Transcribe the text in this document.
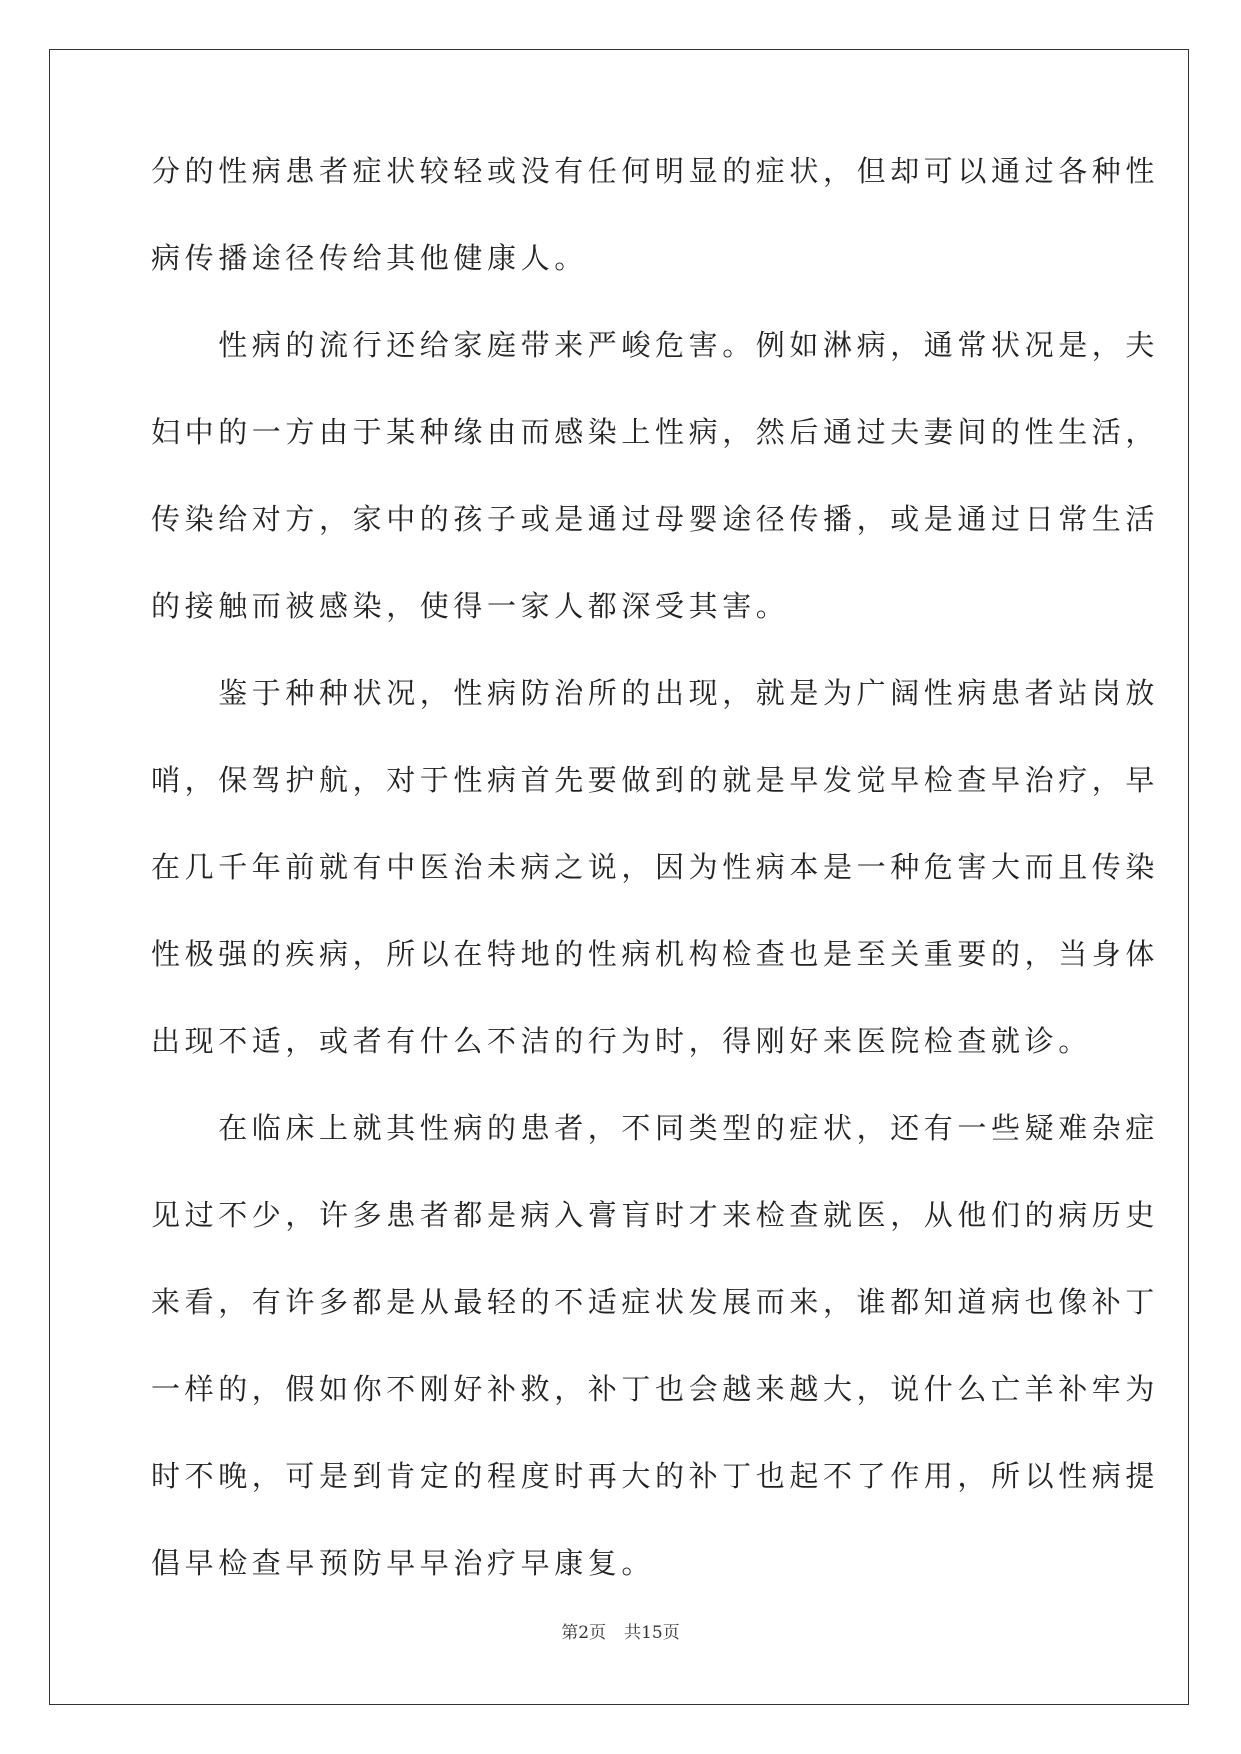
分的性病患者症状较轻或没有任何明显的症状，但却可以通过各种性

病传播途径传给其他健康人。

　　性病的流行还给家庭带来严峻危害。例如淋病，通常状况是，夫

妇中的一方由于某种缘由而感染上性病，然后通过夫妻间的性生活，

传染给对方，家中的孩子或是通过母婴途径传播，或是通过日常生活

的接触而被感染，使得一家人都深受其害。

　　鉴于种种状况，性病防治所的出现，就是为广阔性病患者站岗放

哨，保驾护航，对于性病首先要做到的就是早发觉早检查早治疗，早

在几千年前就有中医治未病之说，因为性病本是一种危害大而且传染

性极强的疾病，所以在特地的性病机构检查也是至关重要的，当身体

出现不适，或者有什么不洁的行为时，得刚好来医院检查就诊。

　　在临床上就其性病的患者，不同类型的症状，还有一些疑难杂症

见过不少，许多患者都是病入膏肓时才来检查就医，从他们的病历史

来看，有许多都是从最轻的不适症状发展而来，谁都知道病也像补丁

一样的，假如你不刚好补救，补丁也会越来越大，说什么亡羊补牢为

时不晚，可是到肯定的程度时再大的补丁也起不了作用，所以性病提

倡早检查早预防早早治疗早康复。

第2页 共15页
